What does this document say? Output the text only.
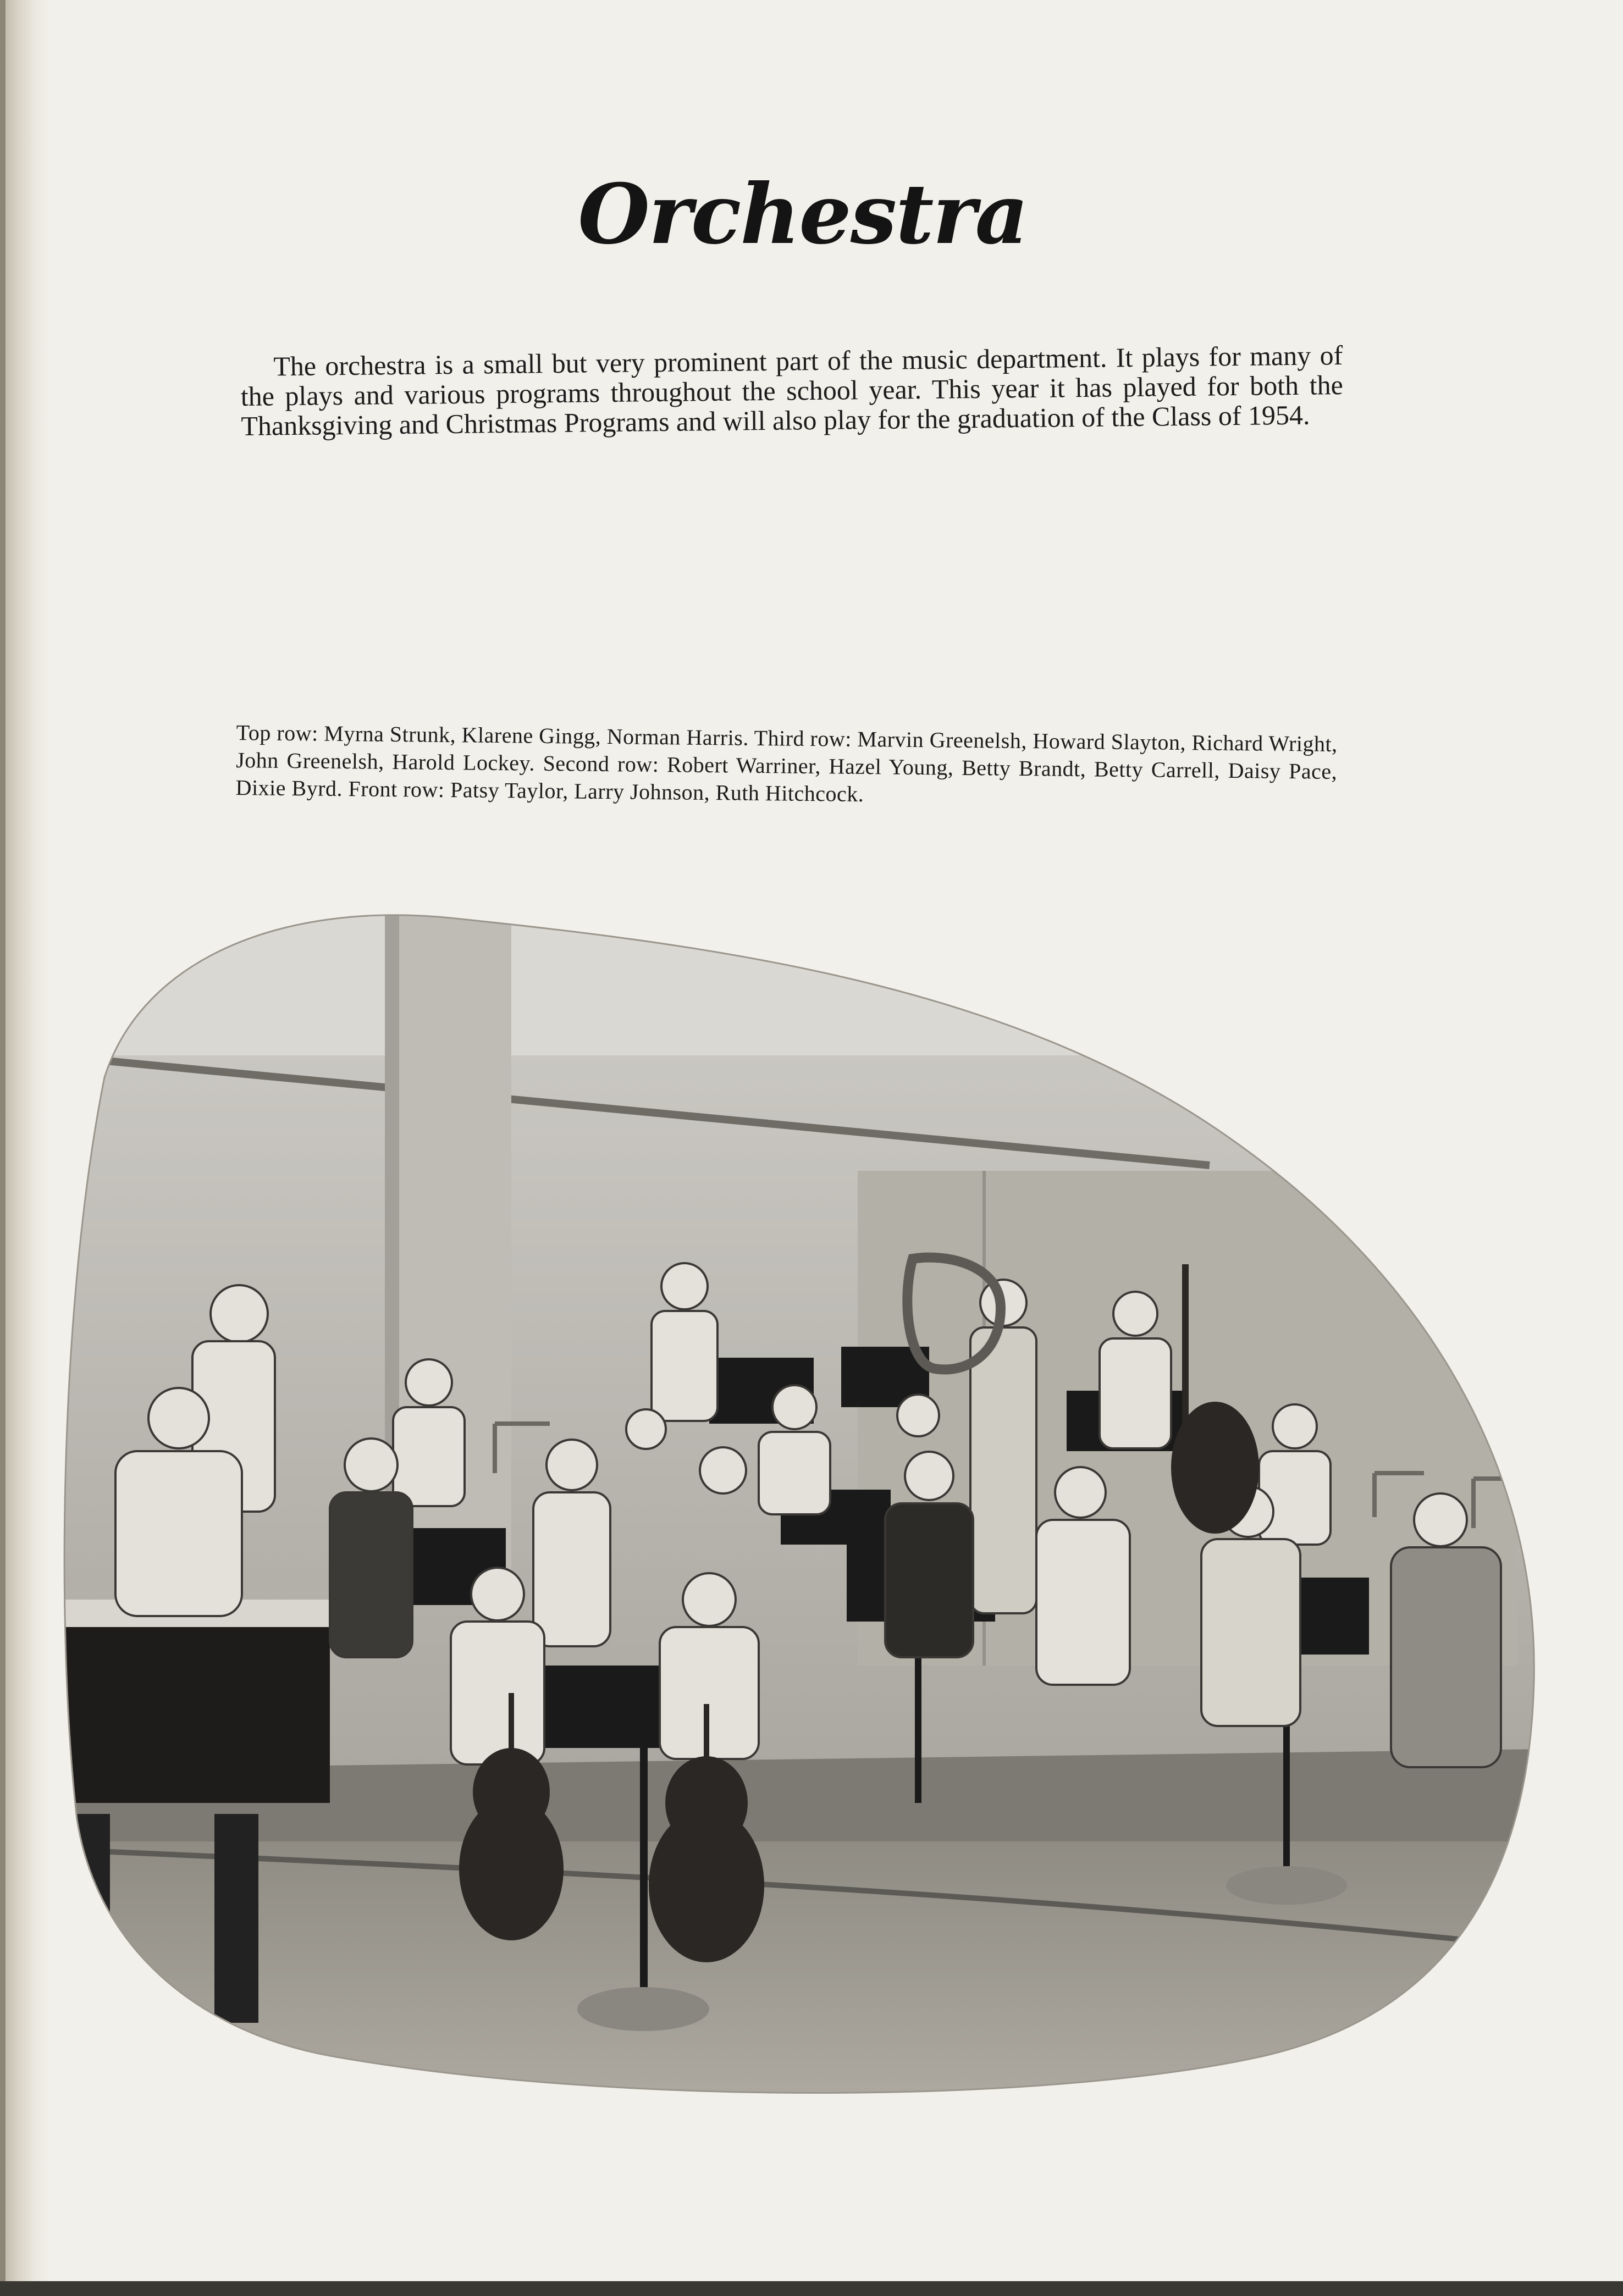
Orchestra
The orchestra is a small but very prominent part of the music department. It plays for many of the plays and various programs throughout the school year. This year it has played for both the Thanksgiving and Christmas Programs and will also play for the graduation of the Class of 1954.
Top row: Myrna Strunk, Klarene Gingg, Norman Harris. Third row: Marvin Greenelsh, Howard Slayton, Richard Wright, John Greenelsh, Harold Lockey. Second row: Robert Warriner, Hazel Young, Betty Brandt, Betty Carrell, Daisy Pace, Dixie Byrd. Front row: Patsy Taylor, Larry Johnson, Ruth Hitchcock.
